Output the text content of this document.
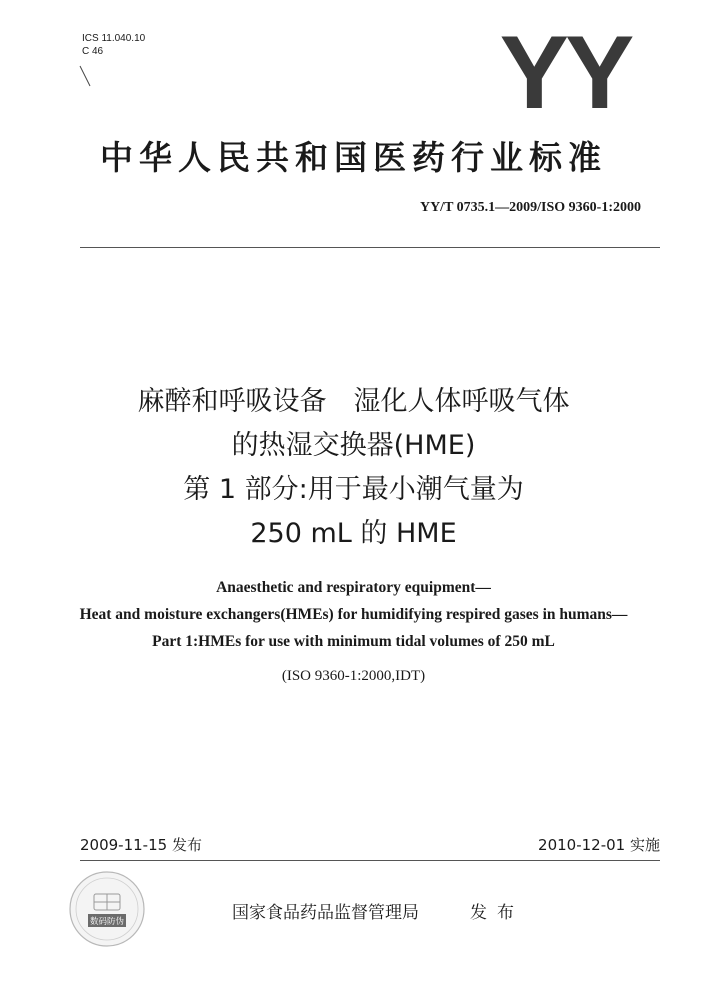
ICS 11.040.10
C 46	YY
中华人民共和国医药行业标准
YY/T 0735.1—2009/ISO 9360-1:2000
麻醉和呼吸设备　湿化人体呼吸气体
的热湿交换器(HME)
第 1 部分:用于最小潮气量为
250 mL 的 HME
Anaesthetic and respiratory equipment—
Heat and moisture exchangers(HMEs) for humidifying respired gases in humans—
Part 1:HMEs for use with minimum tidal volumes of 250 mL
(ISO 9360-1:2000,IDT)
2009-11-15 发布	2010-12-01 实施
数码防伪	国家食品药品监督管理局	发布
